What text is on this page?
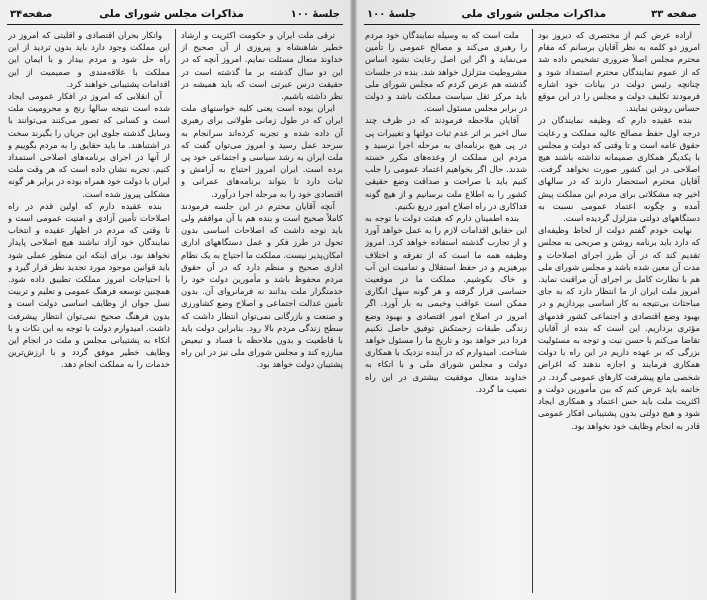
جلسهٔ ۱۰۰
مذاکرات مجلس شورای ملی
صفحه۳۴

ترقی ملت ایران و حکومت اکثریت و ارشاد خطیر شاهنشاه و پیروزی از آن صحیح از خداوند متعال مسئلت نمایم. امروز آنچه که در این دو سال گذشته بر ما گذشته است در حقیقت درس عبرتی است که باید همیشه در نظر داشته باشیم.

ایران بوده است یعنی کلیه خواستهای ملت ایران که در طول زمانی طولانی برای رهبری آن داده شده و تجربه کرده‌اند سرانجام به سرحد عمل رسید و امروز می‌توان گفت که ملت ایران به رشد سیاسی و اجتماعی خود پی برده است. ایران امروز احتیاج به آرامش و ثبات دارد تا بتواند برنامه‌های عمرانی و اقتصادی خود را به مرحله اجرا درآورد.

آنچه آقایان محترم در این جلسه فرمودند کاملاً صحیح است و بنده هم با آن موافقم ولی باید توجه داشت که اصلاحات اساسی بدون تحول در طرز فکر و عمل دستگاههای اداری امکان‌پذیر نیست. مملکت ما احتیاج به یک نظام اداری صحیح و منظم دارد که در آن حقوق مردم محفوظ باشد و مأمورین دولت خود را خدمتگزار ملت بدانند نه فرمانروای آن. بدون تأمین عدالت اجتماعی و اصلاح وضع کشاورزی و صنعت و بازرگانی نمی‌توان انتظار داشت که سطح زندگی مردم بالا رود. بنابراین دولت باید با قاطعیت و بدون ملاحظه با فساد و تبعیض مبارزه کند و مجلس شورای ملی نیز در این راه پشتیبان دولت خواهد بود.

واتکار بحران اقتصادی و اقلیتی که امروز در این مملکت وجود دارد باید بدون تردید از این راه حل شود و مردم بیدار و با ایمان این مملکت با علاقه‌مندی و صمیمیت از این اقدامات پشتیبانی خواهند کرد.

آن انقلابی که امروز در افکار عمومی ایجاد شده است نتیجه سالها رنج و محرومیت ملت است و کسانی که تصور می‌کنند می‌توانند با وسایل گذشته جلوی این جریان را بگیرند سخت در اشتباهند. ما باید حقایق را به مردم بگوییم و از آنها در اجرای برنامه‌های اصلاحی استمداد کنیم. تجربه نشان داده است که هر وقت ملت ایران با دولت خود همراه بوده در برابر هر گونه مشکلی پیروز شده است.

بنده عقیده دارم که اولین قدم در راه اصلاحات تأمین آزادی و امنیت عمومی است و تا وقتی که مردم در اظهار عقیده و انتخاب نمایندگان خود آزاد نباشند هیچ اصلاحی پایدار نخواهد بود. برای اینکه این منظور عملی شود باید قوانین موجود مورد تجدید نظر قرار گیرد و با احتیاجات امروز مملکت تطبیق داده شود. همچنین توسعه فرهنگ عمومی و تعلیم و تربیت نسل جوان از وظایف اساسی دولت است و بدون فرهنگ صحیح نمی‌توان انتظار پیشرفت داشت. امیدوارم دولت با توجه به این نکات و با اتکاء به پشتیبانی مجلس و ملت در انجام این وظایف خطیر موفق گردد و با ارزش‌ترین خدمات را به مملکت انجام دهد.

صفحه ۳۳
مذاکرات مجلس شورای ملی
جلسهٔ ۱۰۰

اراده عرض کنم از مختصری که دیروز بود امروز دو کلمه به نظر آقایان برسانم که مقام محترم مجلس اصلاً ضروری تشخیص داده شد که از عموم نمایندگان محترم استمداد شود و چنانچه رئیس دولت در بیانات خود اشاره فرمودند تکلیف دولت و مجلس را در این موقع حساس روشن نمایند.

بنده عقیده دارم که وظیفه نمایندگان در درجه اول حفظ مصالح عالیه مملکت و رعایت حقوق عامه است و تا وقتی که دولت و مجلس با یکدیگر همکاری صمیمانه نداشته باشند هیچ اصلاحی در این کشور صورت نخواهد گرفت. آقایان محترم استحضار دارند که در سالهای اخیر چه مشکلاتی برای مردم این مملکت پیش آمده و چگونه اعتماد عمومی نسبت به دستگاههای دولتی متزلزل گردیده است.

نهایت خودم گفتم دولت از لحاظ وظیفه‌ای که دارد باید برنامه روشن و صریحی به مجلس تقدیم کند که در آن طرز اجرای اصلاحات و مدت آن معین شده باشد و مجلس شورای ملی هم با نظارت کامل بر اجرای آن مراقبت نماید. امروز ملت ایران از ما انتظار دارد که به جای مباحثات بی‌نتیجه به کار اساسی بپردازیم و در بهبود وضع اقتصادی و اجتماعی کشور قدمهای مؤثری برداریم. این است که بنده از آقایان تقاضا می‌کنم با حسن نیت و توجه به مسئولیت بزرگی که بر عهده داریم در این راه با دولت همکاری فرمایند و اجازه ندهند که اغراض شخصی مانع پیشرفت کارهای عمومی گردد. در خاتمه باید عرض کنم که بین مأمورین دولت و اکثریت ملت باید حس اعتماد و همکاری ایجاد شود و هیچ دولتی بدون پشتیبانی افکار عمومی قادر به انجام وظایف خود نخواهد بود.

ملت است که به وسیله نمایندگان خود مردم را رهبری می‌کند و مصالح عمومی را تأمین می‌نماید و اگر این اصل رعایت نشود اساس مشروطیت متزلزل خواهد شد. بنده در جلسات گذشته هم عرض کردم که مجلس شورای ملی باید مرکز ثقل سیاست مملکت باشد و دولت در برابر مجلس مسئول است.

آقایان ملاحظه فرمودند که در ظرف چند سال اخیر بر اثر عدم ثبات دولتها و تغییرات پی در پی هیچ برنامه‌ای به مرحله اجرا نرسید و مردم این مملکت از وعده‌های مکرر خسته شدند. حال اگر بخواهیم اعتماد عمومی را جلب کنیم باید با صراحت و صداقت وضع حقیقی کشور را به اطلاع ملت برسانیم و از هیچ گونه فداکاری در راه اصلاح امور دریغ نکنیم.

بنده اطمینان دارم که هیئت دولت با توجه به این حقایق اقدامات لازم را به عمل خواهد آورد و از تجارب گذشته استفاده خواهد کرد. امروز وظیفه همه ما است که از تفرقه و اختلاف بپرهیزیم و در حفظ استقلال و تمامیت این آب و خاک بکوشیم. مملکت ما در موقعیت حساسی قرار گرفته و هر گونه سهل انگاری ممکن است عواقب وخیمی به بار آورد. اگر امروز در اصلاح امور اقتصادی و بهبود وضع زندگی طبقات زحمتکش توفیق حاصل نکنیم فردا دیر خواهد بود و تاریخ ما را مسئول خواهد شناخت. امیدوارم که در آینده نزدیک با همکاری دولت و مجلس شورای ملی و با اتکاء به خداوند متعال موفقیت بیشتری در این راه نصیب ما گردد.
